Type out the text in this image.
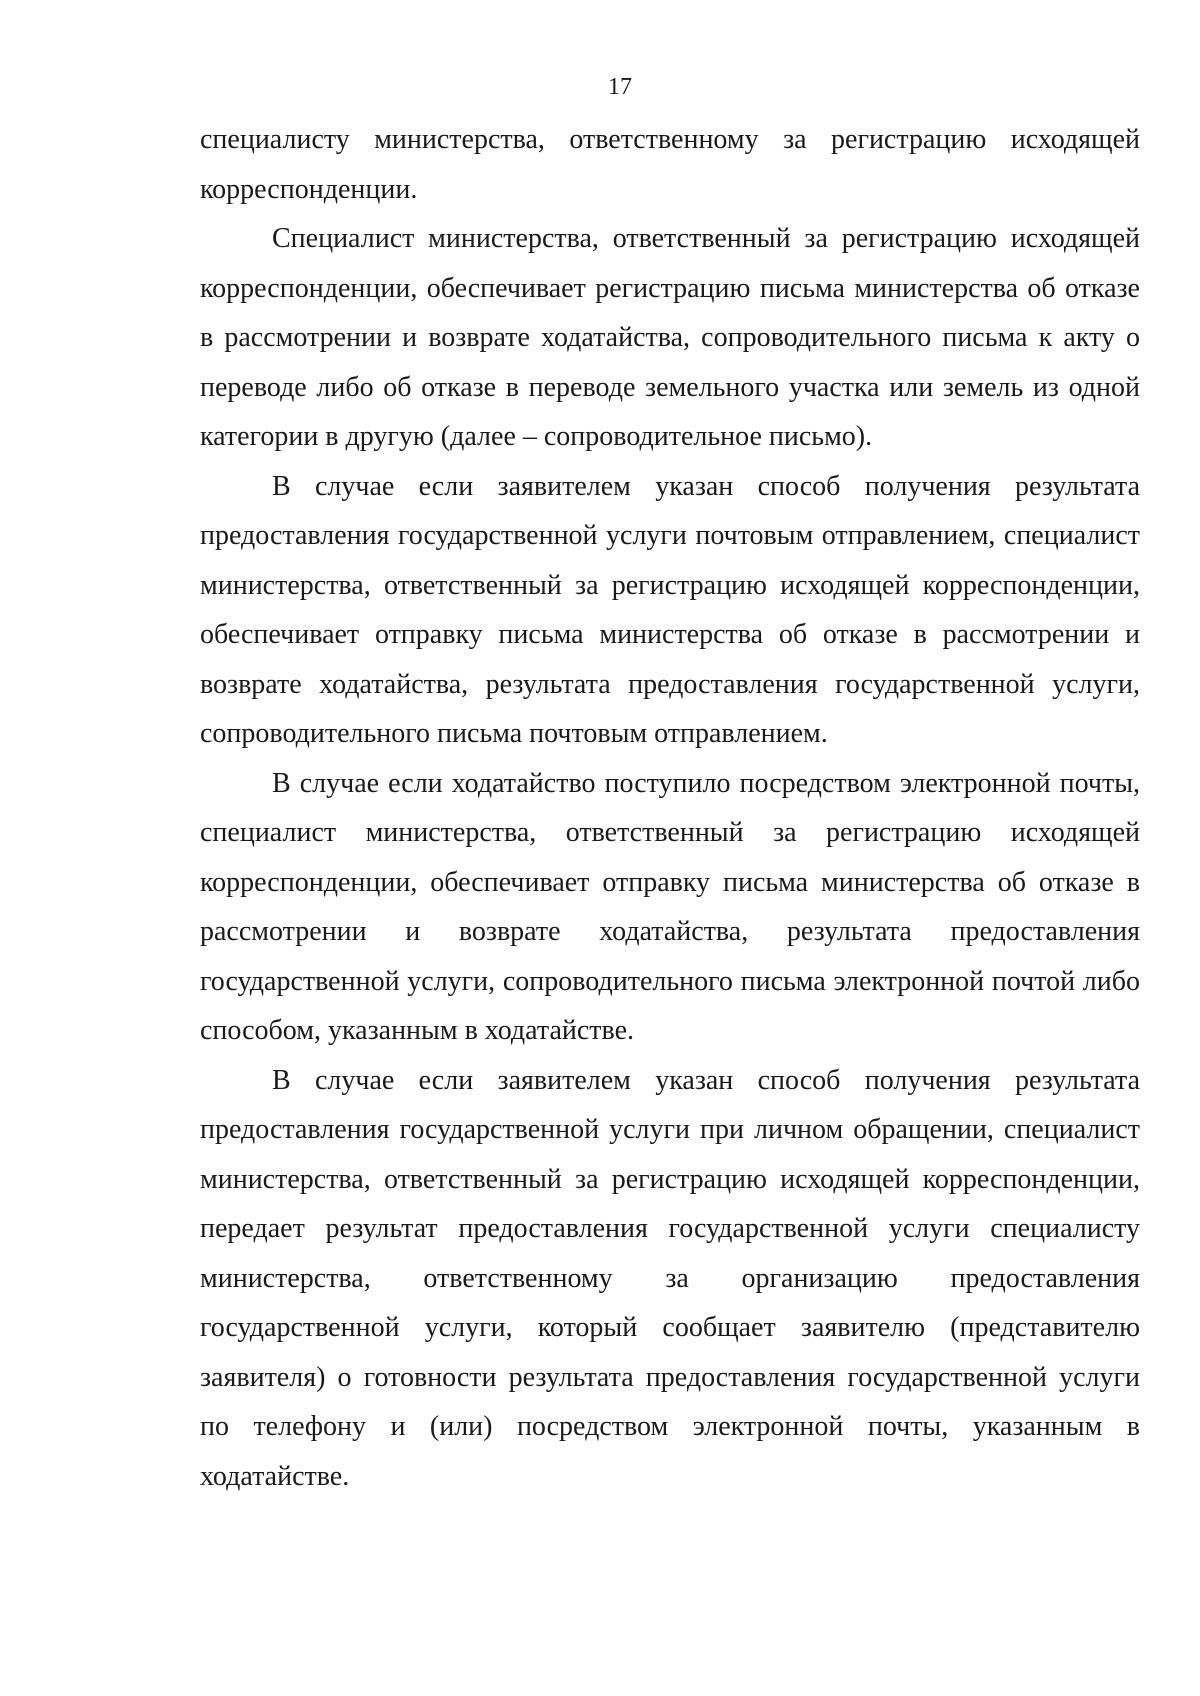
17

специалисту министерства, ответственному за регистрацию исходящей корреспонденции.

Специалист министерства, ответственный за регистрацию исходящей корреспонденции, обеспечивает регистрацию письма министерства об отказе в рассмотрении и возврате ходатайства, сопроводительного письма к акту о переводе либо об отказе в переводе земельного участка или земель из одной категории в другую (далее – сопроводительное письмо).

В случае если заявителем указан способ получения результата предоставления государственной услуги почтовым отправлением, специалист министерства, ответственный за регистрацию исходящей корреспонденции, обеспечивает отправку письма министерства об отказе в рассмотрении и возврате ходатайства, результата предоставления государственной услуги, сопроводительного письма почтовым отправлением.

В случае если ходатайство поступило посредством электронной почты, специалист министерства, ответственный за регистрацию исходящей корреспонденции, обеспечивает отправку письма министерства об отказе в рассмотрении и возврате ходатайства, результата предоставления государственной услуги, сопроводительного письма электронной почтой либо способом, указанным в ходатайстве.

В случае если заявителем указан способ получения результата предоставления государственной услуги при личном обращении, специалист министерства, ответственный за регистрацию исходящей корреспонденции, передает результат предоставления государственной услуги специалисту министерства, ответственному за организацию предоставления государственной услуги, который сообщает заявителю (представителю заявителя) о готовности результата предоставления государственной услуги по телефону и (или) посредством электронной почты, указанным в ходатайстве.
